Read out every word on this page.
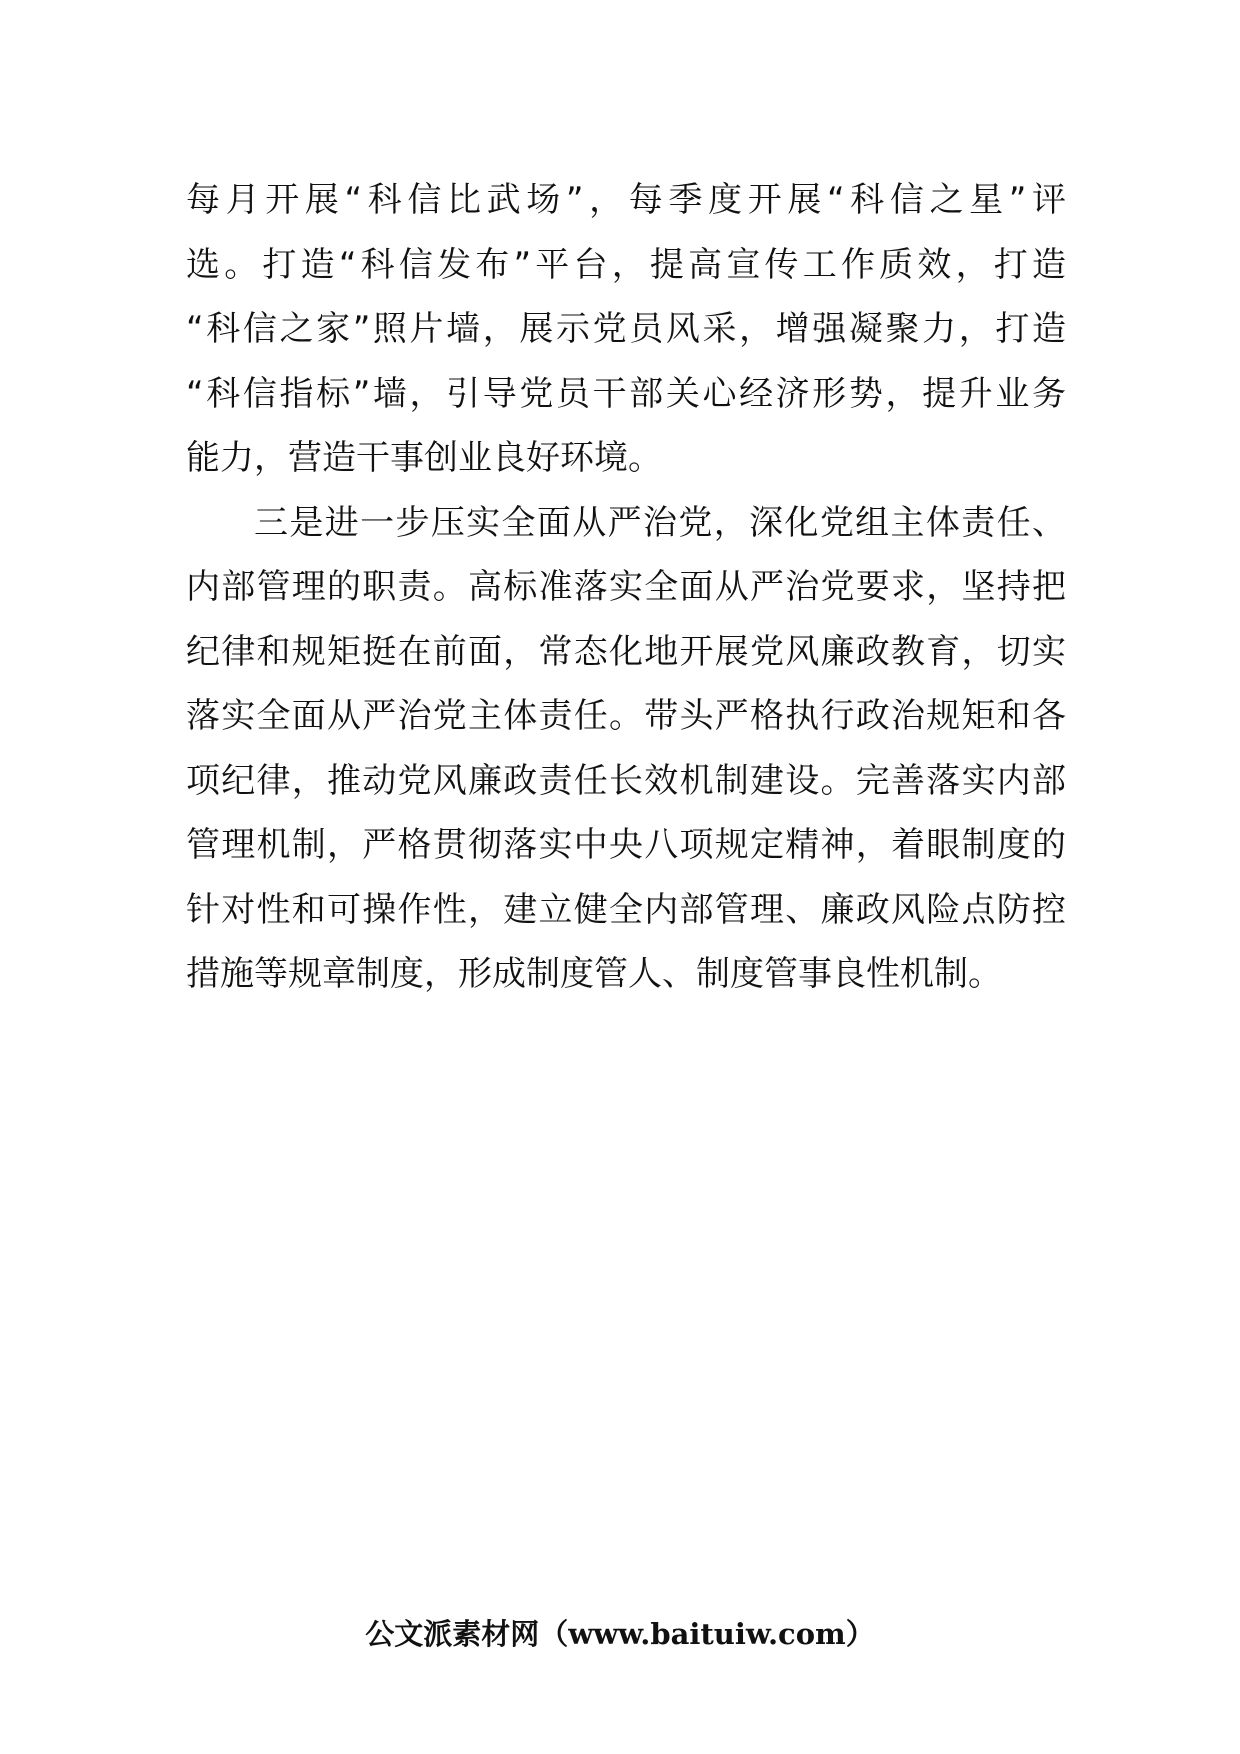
每月开展“科信比武场”，每季度开展“科信之星”评
选。打造“科信发布”平台，提高宣传工作质效，打造
“科信之家”照片墙，展示党员风采，增强凝聚力，打造
“科信指标”墙，引导党员干部关心经济形势，提升业务
能力，营造干事创业良好环境。
三是进一步压实全面从严治党，深化党组主体责任、
内部管理的职责。高标准落实全面从严治党要求，坚持把
纪律和规矩挺在前面，常态化地开展党风廉政教育，切实
落实全面从严治党主体责任。带头严格执行政治规矩和各
项纪律，推动党风廉政责任长效机制建设。完善落实内部
管理机制，严格贯彻落实中央八项规定精神，着眼制度的
针对性和可操作性，建立健全内部管理、廉政风险点防控
措施等规章制度，形成制度管人、制度管事良性机制。
公文派素材网（www.baituiw.com）
